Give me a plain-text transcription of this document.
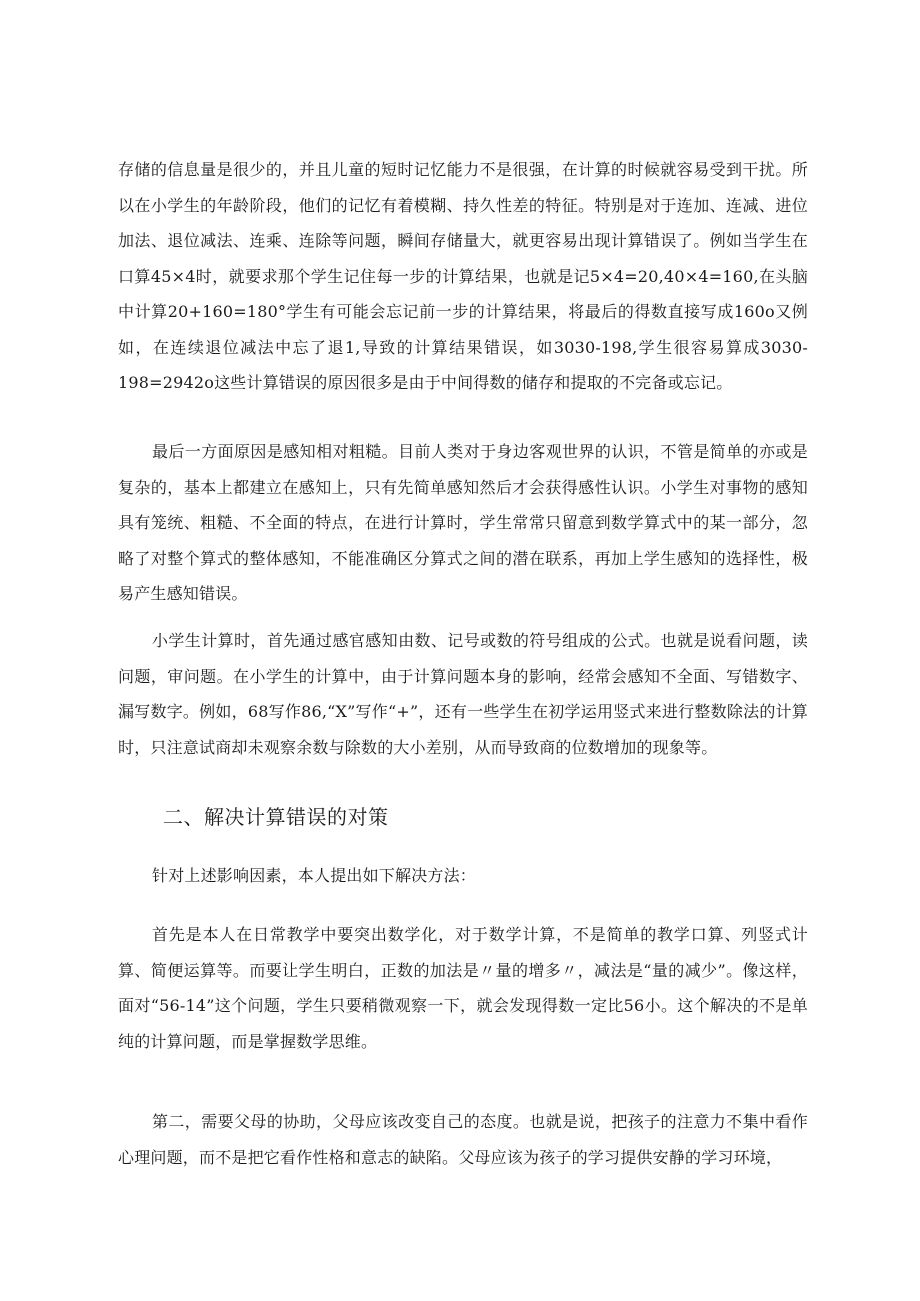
存储的信息量是很少的，并且儿童的短时记忆能力不是很强，在计算的时候就容易受到干扰。所以在小学生的年龄阶段，他们的记忆有着模糊、持久性差的特征。特别是对于连加、连减、进位加法、退位减法、连乘、连除等问题，瞬间存储量大，就更容易出现计算错误了。例如当学生在口算45×4时，就要求那个学生记住每一步的计算结果，也就是记5×4=20,40×4=160,在头脑中计算20+160=180°学生有可能会忘记前一步的计算结果，将最后的得数直接写成160o又例如，在连续退位减法中忘了退1,导致的计算结果错误，如3030-198,学生很容易算成3030-198=2942o这些计算错误的原因很多是由于中间得数的储存和提取的不完备或忘记。

最后一方面原因是感知相对粗糙。目前人类对于身边客观世界的认识，不管是简单的亦或是复杂的，基本上都建立在感知上，只有先简单感知然后才会获得感性认识。小学生对事物的感知具有笼统、粗糙、不全面的特点，在进行计算时，学生常常只留意到数学算式中的某一部分，忽略了对整个算式的整体感知，不能准确区分算式之间的潜在联系，再加上学生感知的选择性，极易产生感知错误。

小学生计算时，首先通过感官感知由数、记号或数的符号组成的公式。也就是说看问题，读问题，审问题。在小学生的计算中，由于计算问题本身的影响，经常会感知不全面、写错数字、漏写数字。例如，68写作86,“X”写作“+”，还有一些学生在初学运用竖式来进行整数除法的计算时，只注意试商却未观察余数与除数的大小差别，从而导致商的位数增加的现象等。

二、解决计算错误的对策

针对上述影响因素，本人提出如下解决方法：

首先是本人在日常教学中要突出数学化，对于数学计算，不是简单的教学口算、列竖式计算、简便运算等。而要让学生明白，正数的加法是〃量的增多〃，减法是“量的减少”。像这样，面对“56-14”这个问题，学生只要稍微观察一下，就会发现得数一定比56小。这个解决的不是单纯的计算问题，而是掌握数学思维。

第二，需要父母的协助，父母应该改变自己的态度。也就是说，把孩子的注意力不集中看作心理问题，而不是把它看作性格和意志的缺陷。父母应该为孩子的学习提供安静的学习环境，
